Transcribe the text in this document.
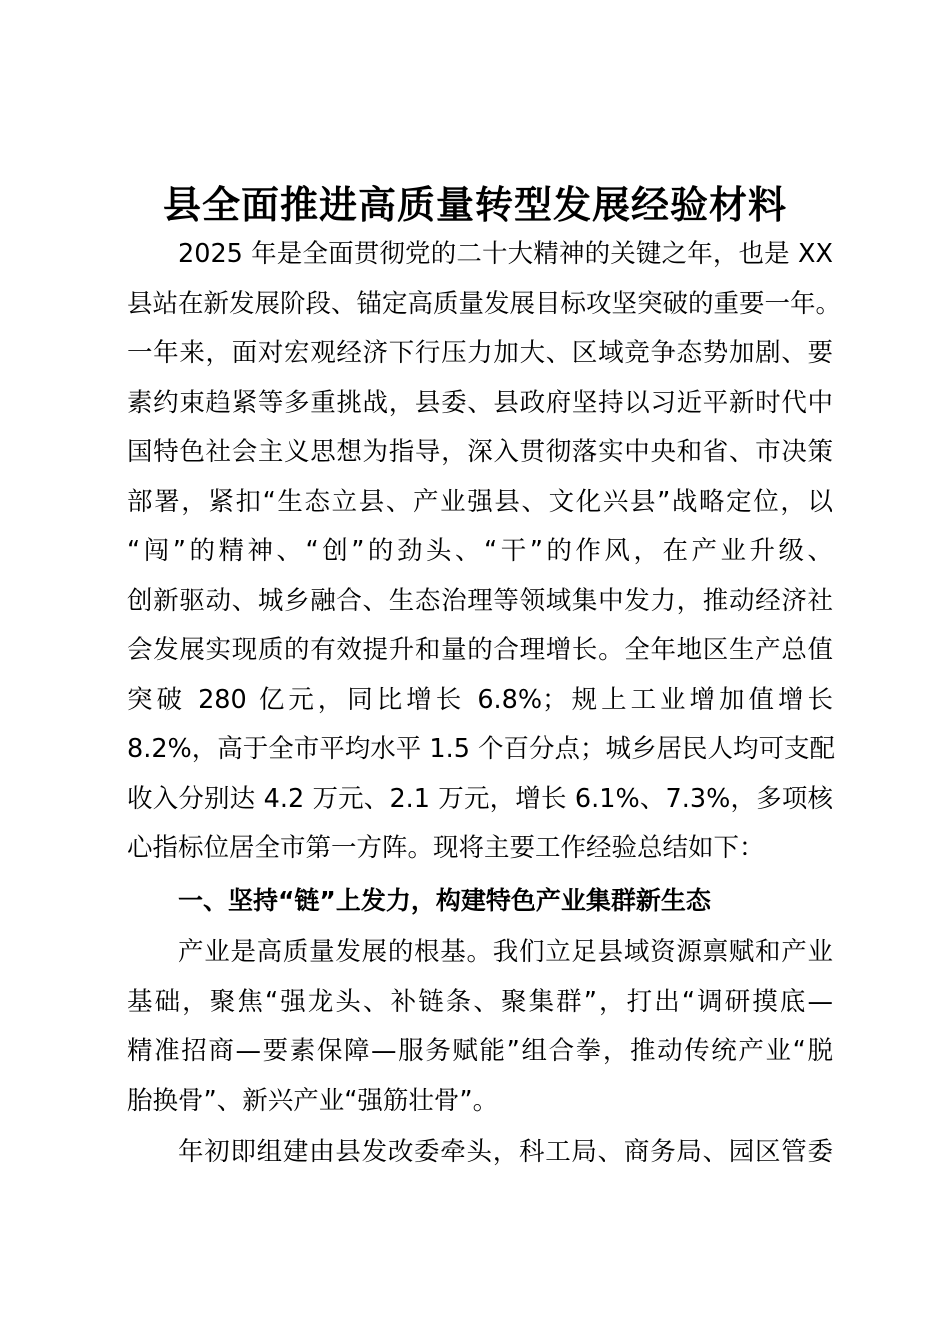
县全面推进高质量转型发展经验材料
2025 年是全面贯彻党的二十大精神的关键之年，也是 XX
县站在新发展阶段、锚定高质量发展目标攻坚突破的重要一年。
一年来，面对宏观经济下行压力加大、区域竞争态势加剧、要
素约束趋紧等多重挑战，县委、县政府坚持以习近平新时代中
国特色社会主义思想为指导，深入贯彻落实中央和省、市决策
部署，紧扣“生态立县、产业强县、文化兴县”战略定位，以
“闯”的精神、“创”的劲头、“干”的作风，在产业升级、
创新驱动、城乡融合、生态治理等领域集中发力，推动经济社
会发展实现质的有效提升和量的合理增长。全年地区生产总值
突破 280 亿元，同比增长 6.8%；规上工业增加值增长
8.2%，高于全市平均水平 1.5 个百分点；城乡居民人均可支配
收入分别达 4.2 万元、2.1 万元，增长 6.1%、7.3%，多项核
心指标位居全市第一方阵。现将主要工作经验总结如下：
一、坚持“链”上发力，构建特色产业集群新生态
产业是高质量发展的根基。我们立足县域资源禀赋和产业
基础，聚焦“强龙头、补链条、聚集群”，打出“调研摸底—
精准招商—要素保障—服务赋能”组合拳，推动传统产业“脱
胎换骨”、新兴产业“强筋壮骨”。
年初即组建由县发改委牵头，科工局、商务局、园区管委
